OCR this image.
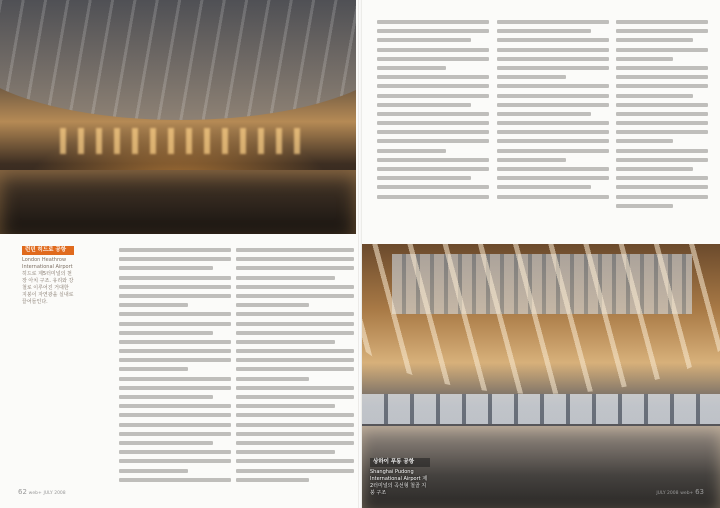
런던 히드로 공항
London Heathrow International Airport 히드로 제5터미널의 천장 아치 구조. 유리와 강철로 이루어진 거대한 지붕이 자연광을 실내로 끌어들인다.
상하이 푸동 공항
Shanghai Pudong International Airport 제2터미널의 곡선형 철골 지붕 구조
62 web+ JULY 2008	JULY 2008 web+ 63
